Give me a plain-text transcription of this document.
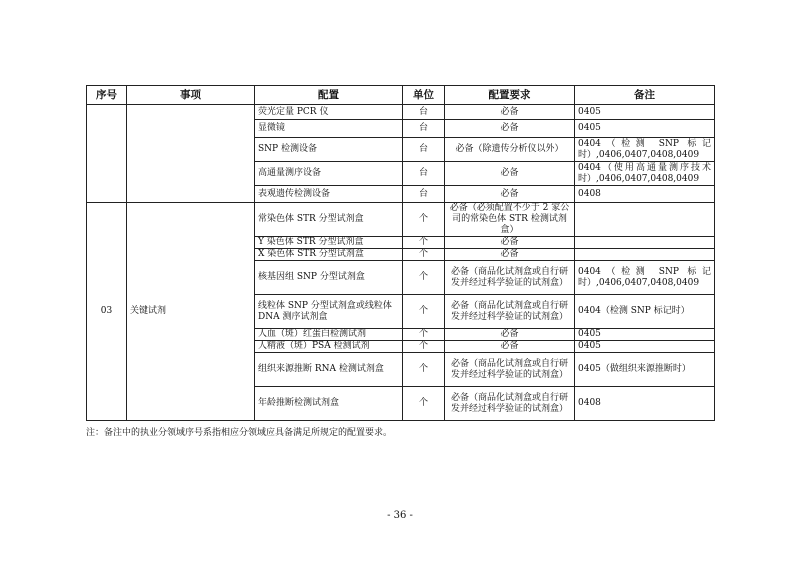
序号	事项	配置	单位	配置要求	备注
		荧光定量 PCR 仪	台	必备	0405
		显微镜	台	必备	0405
		SNP 检测设备	台	必备（除遗传分析仪以外）	0404（检测 SNP 标记时）,0406,0407,0408,0409
		高通量测序设备	台	必备	0404（使用高通量测序技术时）,0406,0407,0408,0409
		表观遗传检测设备	台	必备	0408
03	关键试剂	常染色体 STR 分型试剂盒	个	必备（必须配置不少于 2 家公司的常染色体 STR 检测试剂盒）	
		Y 染色体 STR 分型试剂盒	个	必备	
		X 染色体 STR 分型试剂盒	个	必备	
		核基因组 SNP 分型试剂盒	个	必备（商品化试剂盒或自行研发并经过科学验证的试剂盒）	0404（检测 SNP 标记时）,0406,0407,0408,0409
		线粒体 SNP 分型试剂盒或线粒体 DNA 测序试剂盒	个	必备（商品化试剂盒或自行研发并经过科学验证的试剂盒）	0404（检测 SNP 标记时）
		人血（斑）红蛋白检测试剂	个	必备	0405
		人精液（斑）PSA 检测试剂	个	必备	0405
		组织来源推断 RNA 检测试剂盒	个	必备（商品化试剂盒或自行研发并经过科学验证的试剂盒）	0405（做组织来源推断时）
		年龄推断检测试剂盒	个	必备（商品化试剂盒或自行研发并经过科学验证的试剂盒）	0408
注：备注中的执业分领域序号系指相应分领域应具备满足所规定的配置要求。
- 36 -
